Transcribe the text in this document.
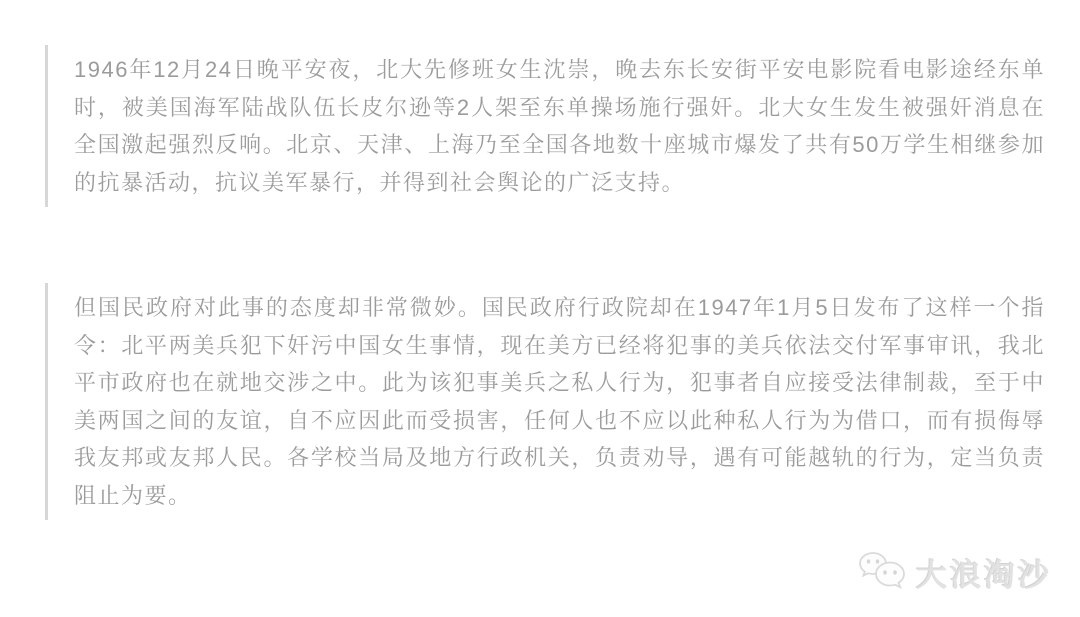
1946年12月24日晚平安夜，北大先修班女生沈崇，晚去东长安街平安电影院看电影途经东单时，被美国海军陆战队伍长皮尔逊等2人架至东单操场施行强奸。北大女生发生被强奸消息在全国激起强烈反响。北京、天津、上海乃至全国各地数十座城市爆发了共有50万学生相继参加的抗暴活动，抗议美军暴行，并得到社会舆论的广泛支持。
但国民政府对此事的态度却非常微妙。国民政府行政院却在1947年1月5日发布了这样一个指令：北平两美兵犯下奸污中国女生事情，现在美方已经将犯事的美兵依法交付军事审讯，我北平市政府也在就地交涉之中。此为该犯事美兵之私人行为，犯事者自应接受法律制裁，至于中美两国之间的友谊，自不应因此而受损害，任何人也不应以此种私人行为为借口，而有损侮辱我友邦或友邦人民。各学校当局及地方行政机关，负责劝导，遇有可能越轨的行为，定当负责阻止为要。
大浪淘沙
